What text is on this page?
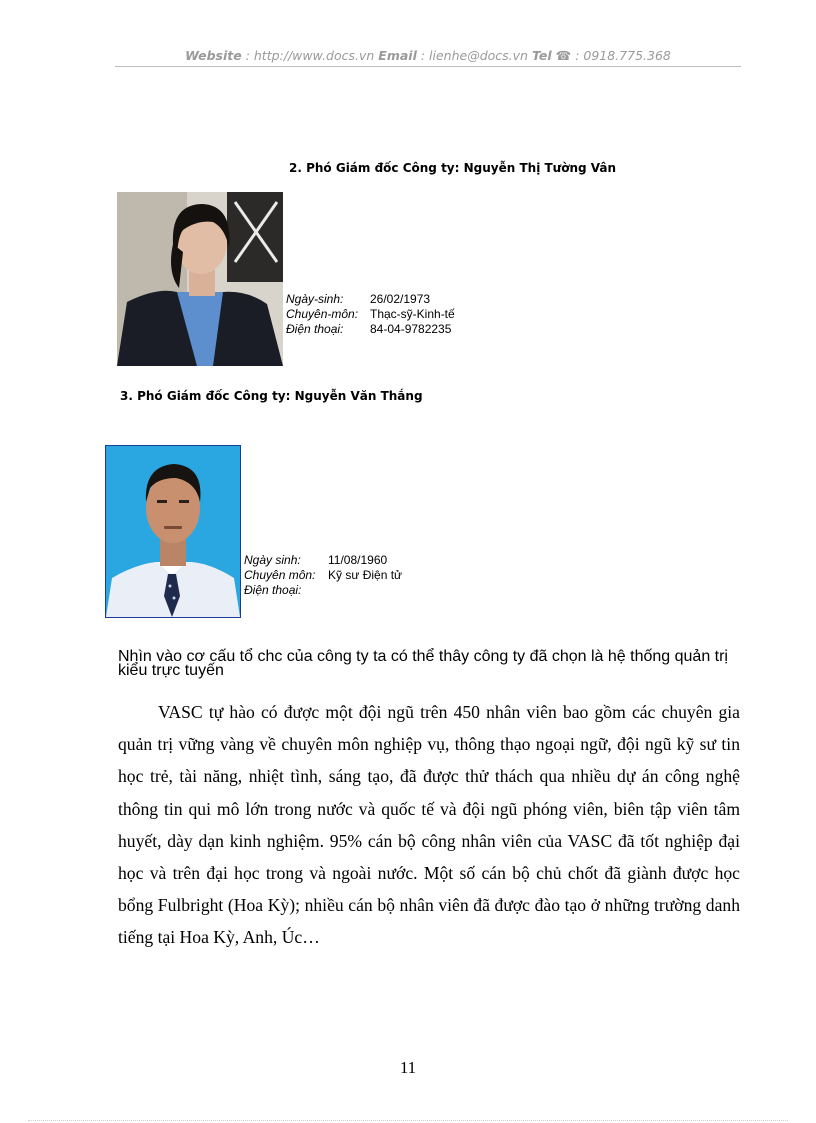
Website : http://www.docs.vn Email : lienhe@docs.vn Tel ☎ : 0918.775.368
2. Phó Giám đốc Công ty: Nguyễn Thị Tường Vân
Ngày-sinh: 26/02/1973
Chuyên-môn: Thạc-sỹ-Kinh-tế
Điện thoại: 84-04-9782235
3. Phó Giám đốc Công ty: Nguyễn Văn Thắng
Ngày sinh: 11/08/1960
Chuyên môn: Kỹ sư Điện tử
Điện thoại:
Nhìn vào cơ cấu tổ chc của công ty ta có thể thây công ty đã chọn là hệ thống quản trị kiểu trực tuyến
VASC tự hào có được một đội ngũ trên 450 nhân viên bao gồm các chuyên gia quản trị vững vàng về chuyên môn nghiệp vụ, thông thạo ngoại ngữ, đội ngũ kỹ sư tin học trẻ, tài năng, nhiệt tình, sáng tạo, đã được thử thách qua nhiều dự án công nghệ thông tin qui mô lớn trong nước và quốc tế và đội ngũ phóng viên, biên tập viên tâm huyết, dày dạn kinh nghiệm. 95% cán bộ công nhân viên của VASC đã tốt nghiệp đại học và trên đại học trong và ngoài nước. Một số cán bộ chủ chốt đã giành được học bổng Fulbright (Hoa Kỳ); nhiều cán bộ nhân viên đã được đào tạo ở những trường danh tiếng tại Hoa Kỳ, Anh, Úc…
11
